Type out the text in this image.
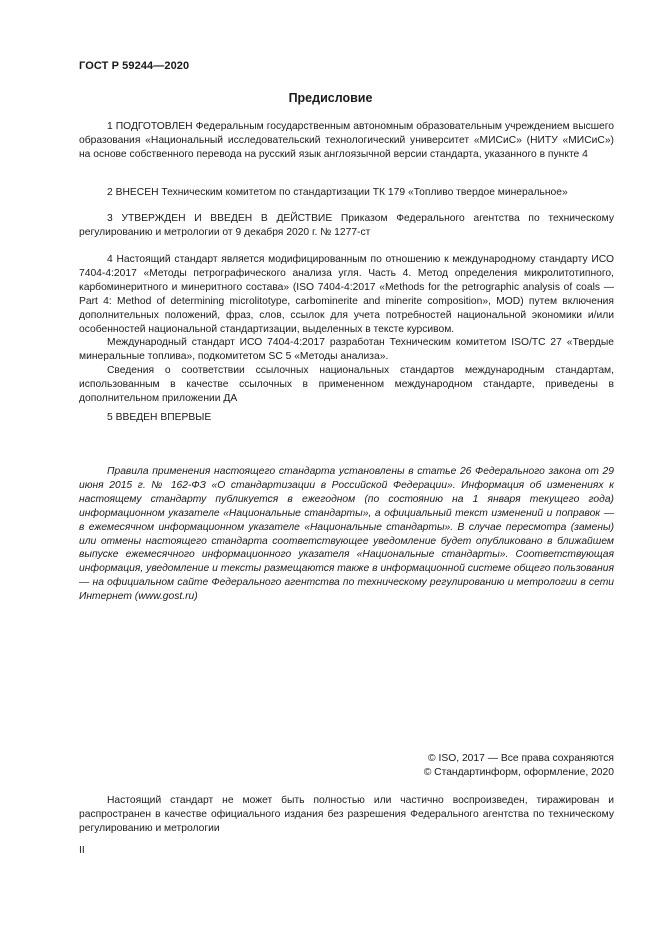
ГОСТ Р 59244—2020
Предисловие

1 ПОДГОТОВЛЕН Федеральным государственным автономным образовательным учреждением высшего образования «Национальный исследовательский технологический университет «МИСиС» (НИТУ «МИСиС») на основе собственного перевода на русский язык англоязычной версии стандарта, указанного в пункте 4

2 ВНЕСЕН Техническим комитетом по стандартизации ТК 179 «Топливо твердое минеральное»

3 УТВЕРЖДЕН И ВВЕДЕН В ДЕЙСТВИЕ Приказом Федерального агентства по техническому регулированию и метрологии от 9 декабря 2020 г. № 1277-ст

4 Настоящий стандарт является модифицированным по отношению к международному стандарту ИСО 7404-4:2017 «Методы петрографического анализа угля. Часть 4. Метод определения микролитотипного, карбоминеритного и минеритного состава» (ISO 7404-4:2017 «Methods for the petrographic analysis of coals — Part 4: Method of determining microlitotype, carbominerite and minerite composition», MOD) путем включения дополнительных положений, фраз, слов, ссылок для учета потребностей национальной экономики и/или особенностей национальной стандартизации, выделенных в тексте курсивом.

Международный стандарт ИСО 7404-4:2017 разработан Техническим комитетом ISO/TC 27 «Твердые минеральные топлива», подкомитетом SC 5 «Методы анализа».

Сведения о соответствии ссылочных национальных стандартов международным стандартам, использованным в качестве ссылочных в примененном международном стандарте, приведены в дополнительном приложении ДА

5 ВВЕДЕН ВПЕРВЫЕ

Правила применения настоящего стандарта установлены в статье 26 Федерального закона от 29 июня 2015 г. № 162-ФЗ «О стандартизации в Российской Федерации». Информация об изменениях к настоящему стандарту публикуется в ежегодном (по состоянию на 1 января текущего года) информационном указателе «Национальные стандарты», а официальный текст изменений и поправок — в ежемесячном информационном указателе «Национальные стандарты». В случае пересмотра (замены) или отмены настоящего стандарта соответствующее уведомление будет опубликовано в ближайшем выпуске ежемесячного информационного указателя «Национальные стандарты». Соответствующая информация, уведомление и тексты размещаются также в информационной системе общего пользования — на официальном сайте Федерального агентства по техническому регулированию и метрологии в сети Интернет (www.gost.ru)

© ISO, 2017 — Все права сохраняются
© Стандартинформ, оформление, 2020

Настоящий стандарт не может быть полностью или частично воспроизведен, тиражирован и распространен в качестве официального издания без разрешения Федерального агентства по техническому регулированию и метрологии

II
